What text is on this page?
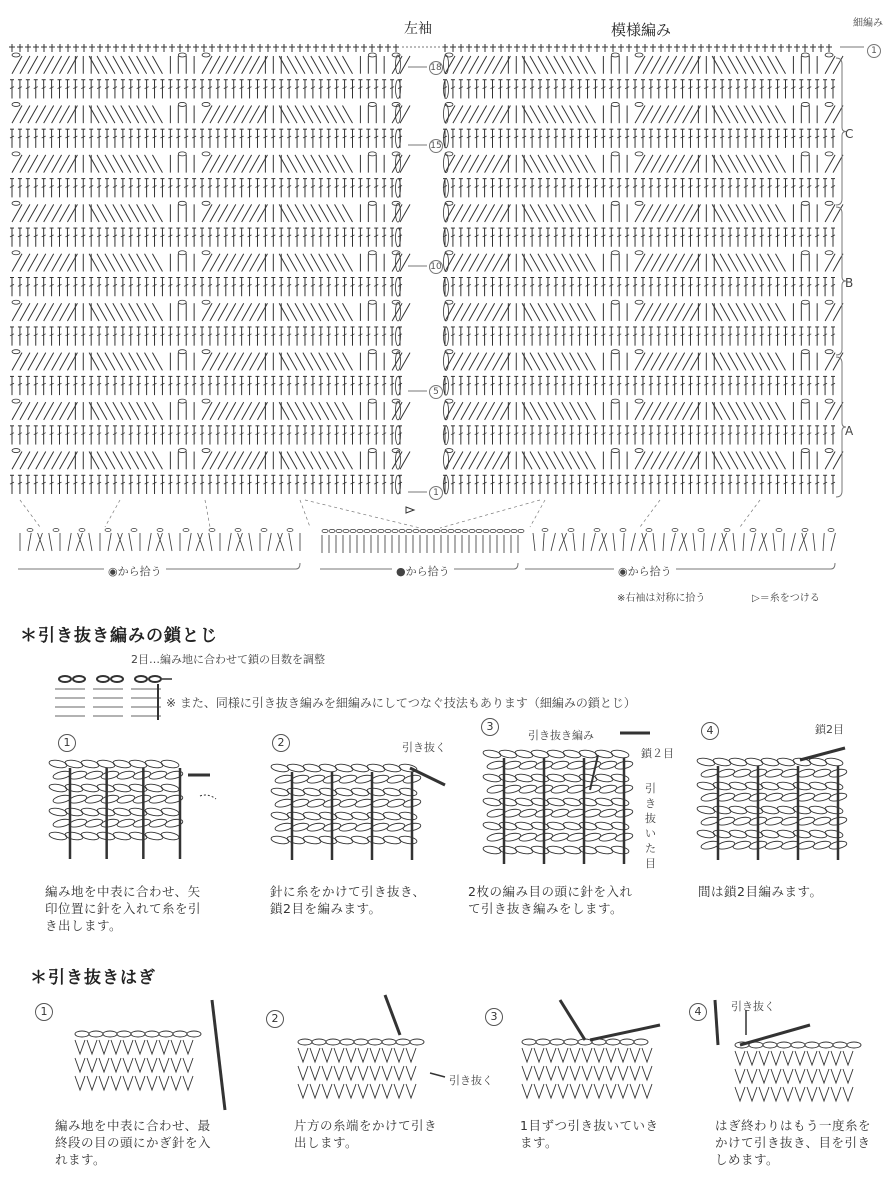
左袖	模様編み	細編み
1
18
15
10
5
1
C
B
A
◉から拾う	●から拾う	◉から拾う
※右袖は対称に拾う	▷＝糸をつける
＊引き抜き編みの鎖とじ
2目…編み地に合わせて鎖の目数を調整
※ また、同様に引き抜き編みを細編みにしてつなぐ技法もあります（細編みの鎖とじ）
1
編み地を中表に合わせ、矢
印位置に針を入れて糸を引
き出します。
2	引き抜く
針に糸をかけて引き抜き、
鎖2目を編みます。
3
引き抜き編み
鎖２目
引き抜いた目
2枚の編み目の頭に針を入れ
て引き抜き編みをします。
4	鎖2目
間は鎖2目編みます。
＊引き抜きはぎ
1
編み地を中表に合わせ、最
終段の目の頭にかぎ針を入
れます。
2
引き抜く
片方の糸端をかけて引き
出します。
3
1目ずつ引き抜いていき
ます。
4	引き抜く
はぎ終わりはもう一度糸を
かけて引き抜き、目を引き
しめます。
